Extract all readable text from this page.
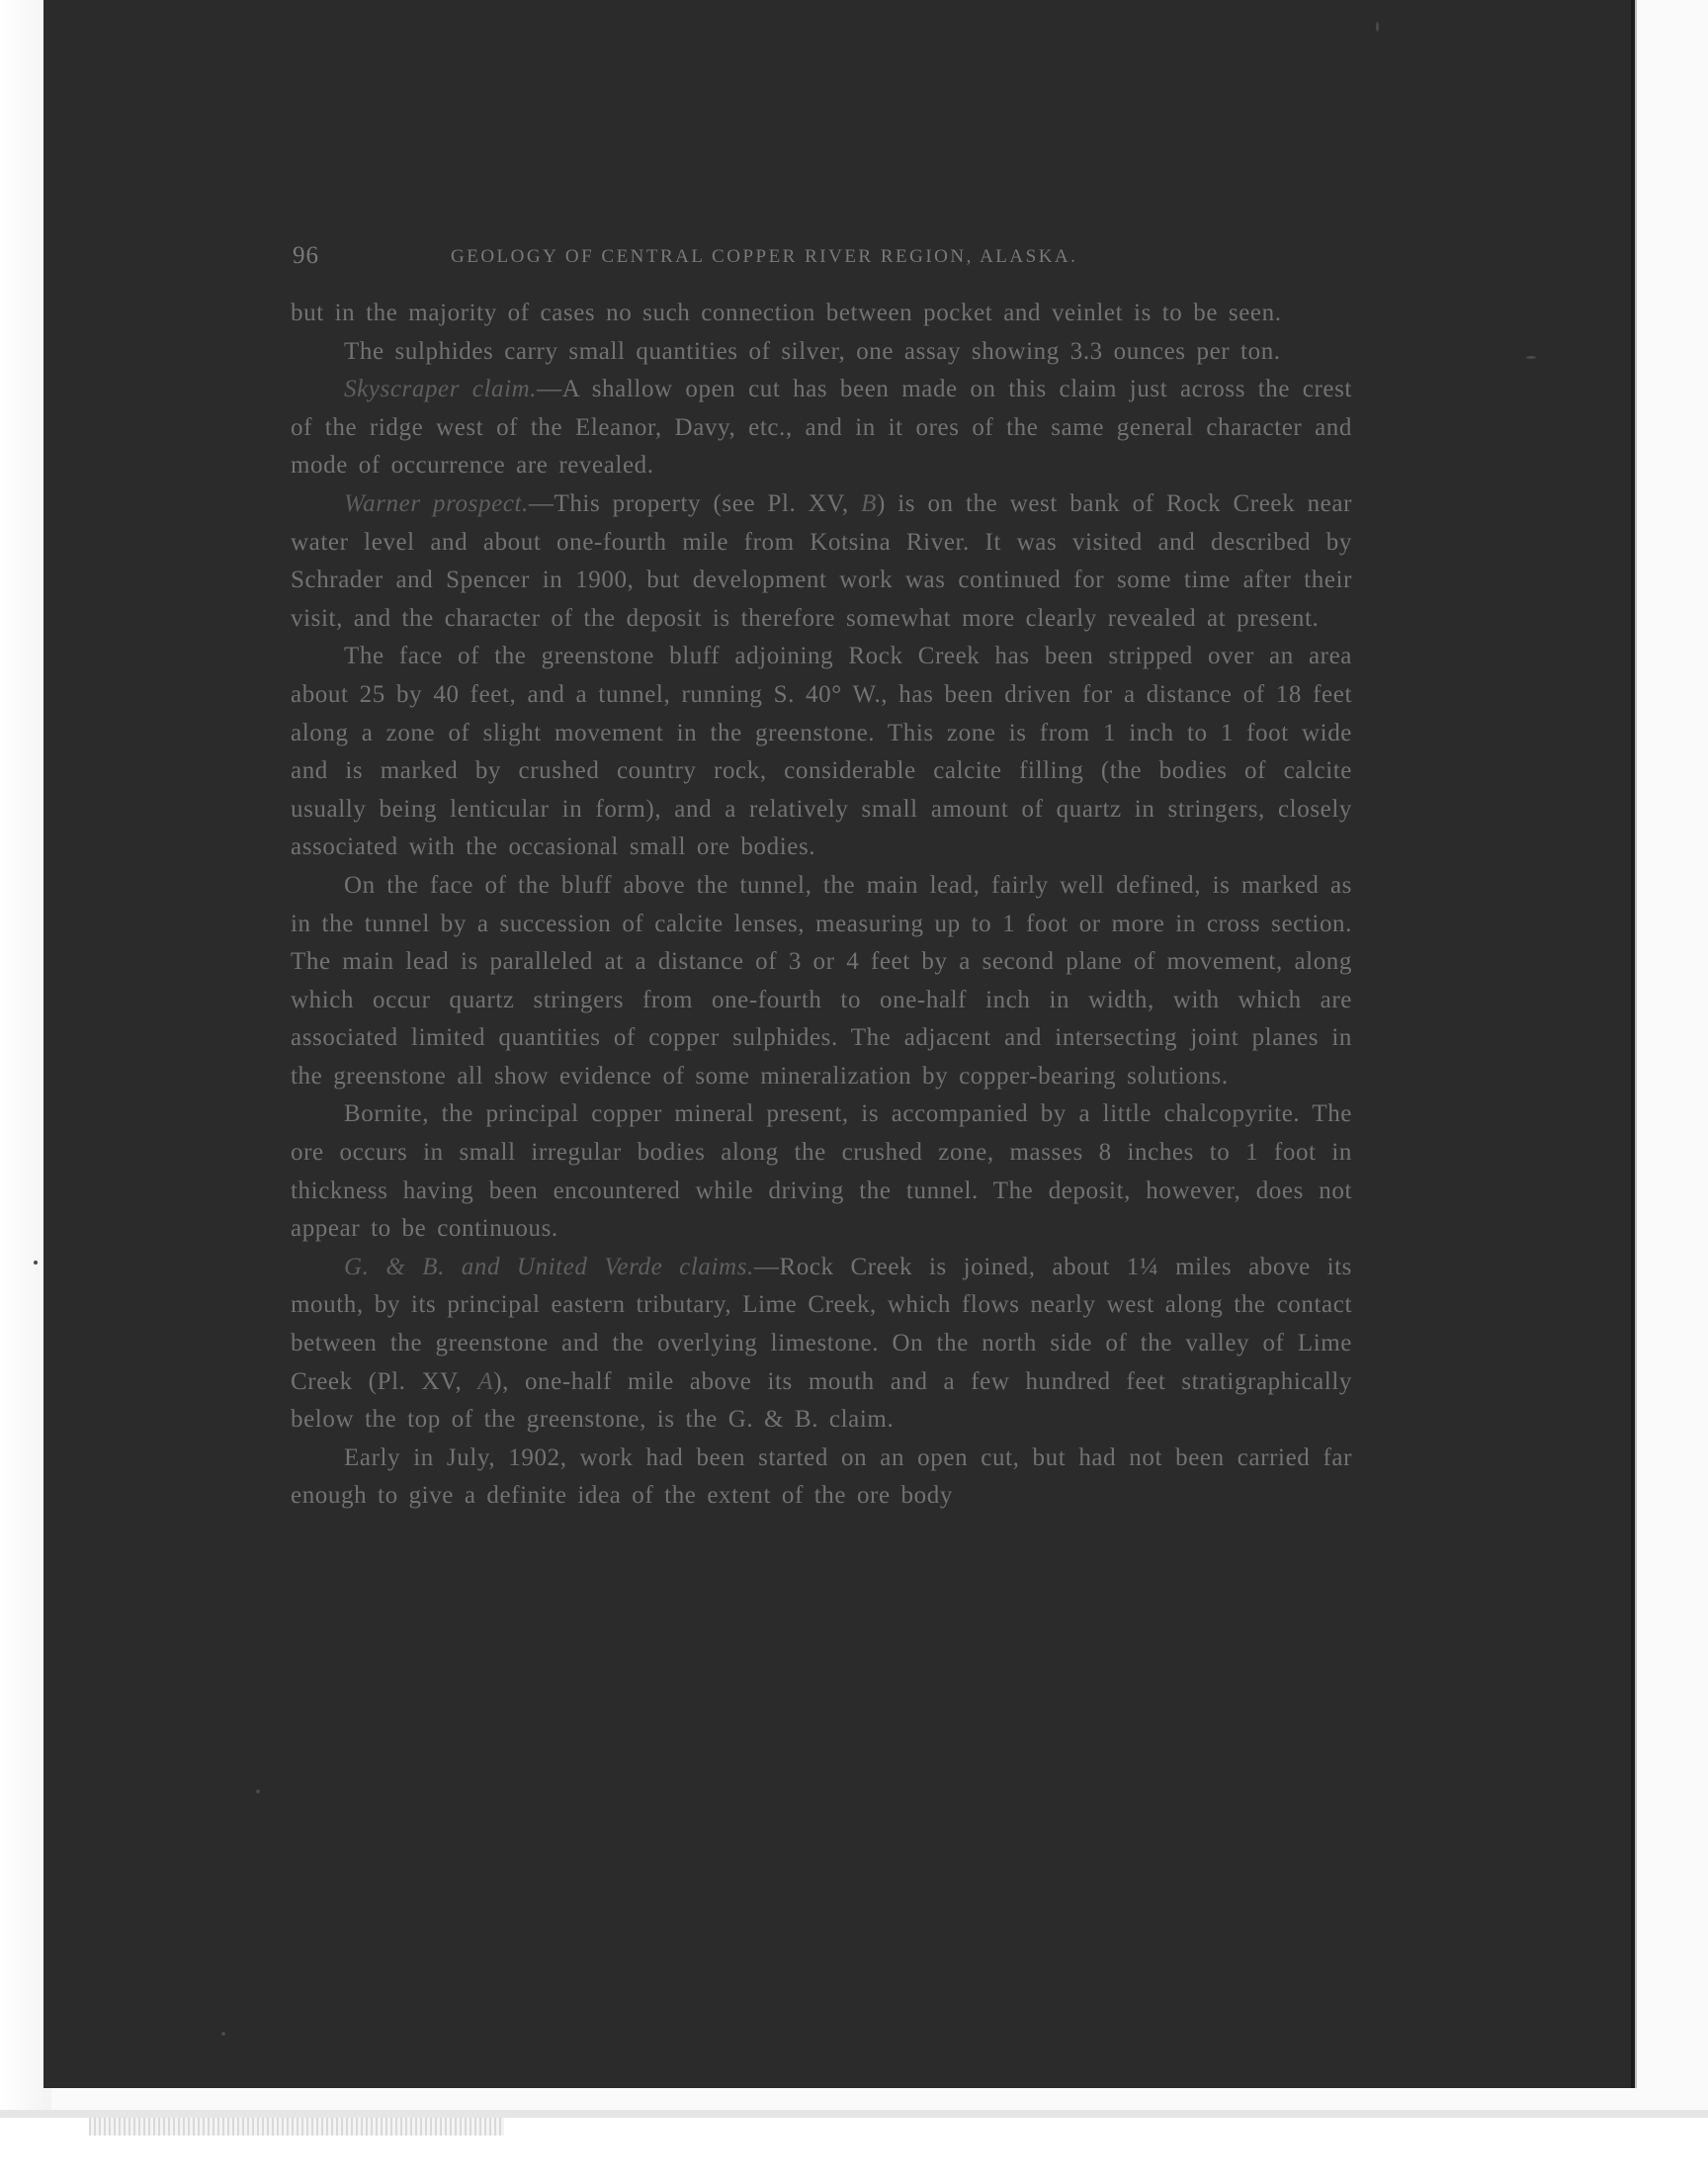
96	GEOLOGY OF CENTRAL COPPER RIVER REGION, ALASKA.

but in the majority of cases no such connection between pocket and veinlet is to be seen.

The sulphides carry small quantities of silver, one assay showing 3.3 ounces per ton.

Skyscraper claim.—A shallow open cut has been made on this claim just across the crest of the ridge west of the Eleanor, Davy, etc., and in it ores of the same general character and mode of occurrence are revealed.

Warner prospect.—This property (see Pl. XV, B) is on the west bank of Rock Creek near water level and about one-fourth mile from Kotsina River. It was visited and described by Schrader and Spencer in 1900, but development work was continued for some time after their visit, and the character of the deposit is therefore somewhat more clearly revealed at present.

The face of the greenstone bluff adjoining Rock Creek has been stripped over an area about 25 by 40 feet, and a tunnel, running S. 40° W., has been driven for a distance of 18 feet along a zone of slight movement in the greenstone. This zone is from 1 inch to 1 foot wide and is marked by crushed country rock, considerable calcite filling (the bodies of calcite usually being lenticular in form), and a relatively small amount of quartz in stringers, closely associated with the occasional small ore bodies.

On the face of the bluff above the tunnel, the main lead, fairly well defined, is marked as in the tunnel by a succession of calcite lenses, measuring up to 1 foot or more in cross section. The main lead is paralleled at a distance of 3 or 4 feet by a second plane of movement, along which occur quartz stringers from one-fourth to one-half inch in width, with which are associated limited quantities of copper sulphides. The adjacent and intersecting joint planes in the greenstone all show evidence of some mineralization by copper-bearing solutions.

Bornite, the principal copper mineral present, is accompanied by a little chalcopyrite. The ore occurs in small irregular bodies along the crushed zone, masses 8 inches to 1 foot in thickness having been encountered while driving the tunnel. The deposit, however, does not appear to be continuous.

G. & B. and United Verde claims.—Rock Creek is joined, about 1¼ miles above its mouth, by its principal eastern tributary, Lime Creek, which flows nearly west along the contact between the greenstone and the overlying limestone. On the north side of the valley of Lime Creek (Pl. XV, A), one-half mile above its mouth and a few hundred feet stratigraphically below the top of the greenstone, is the G. & B. claim.

Early in July, 1902, work had been started on an open cut, but had not been carried far enough to give a definite idea of the extent of the ore body
